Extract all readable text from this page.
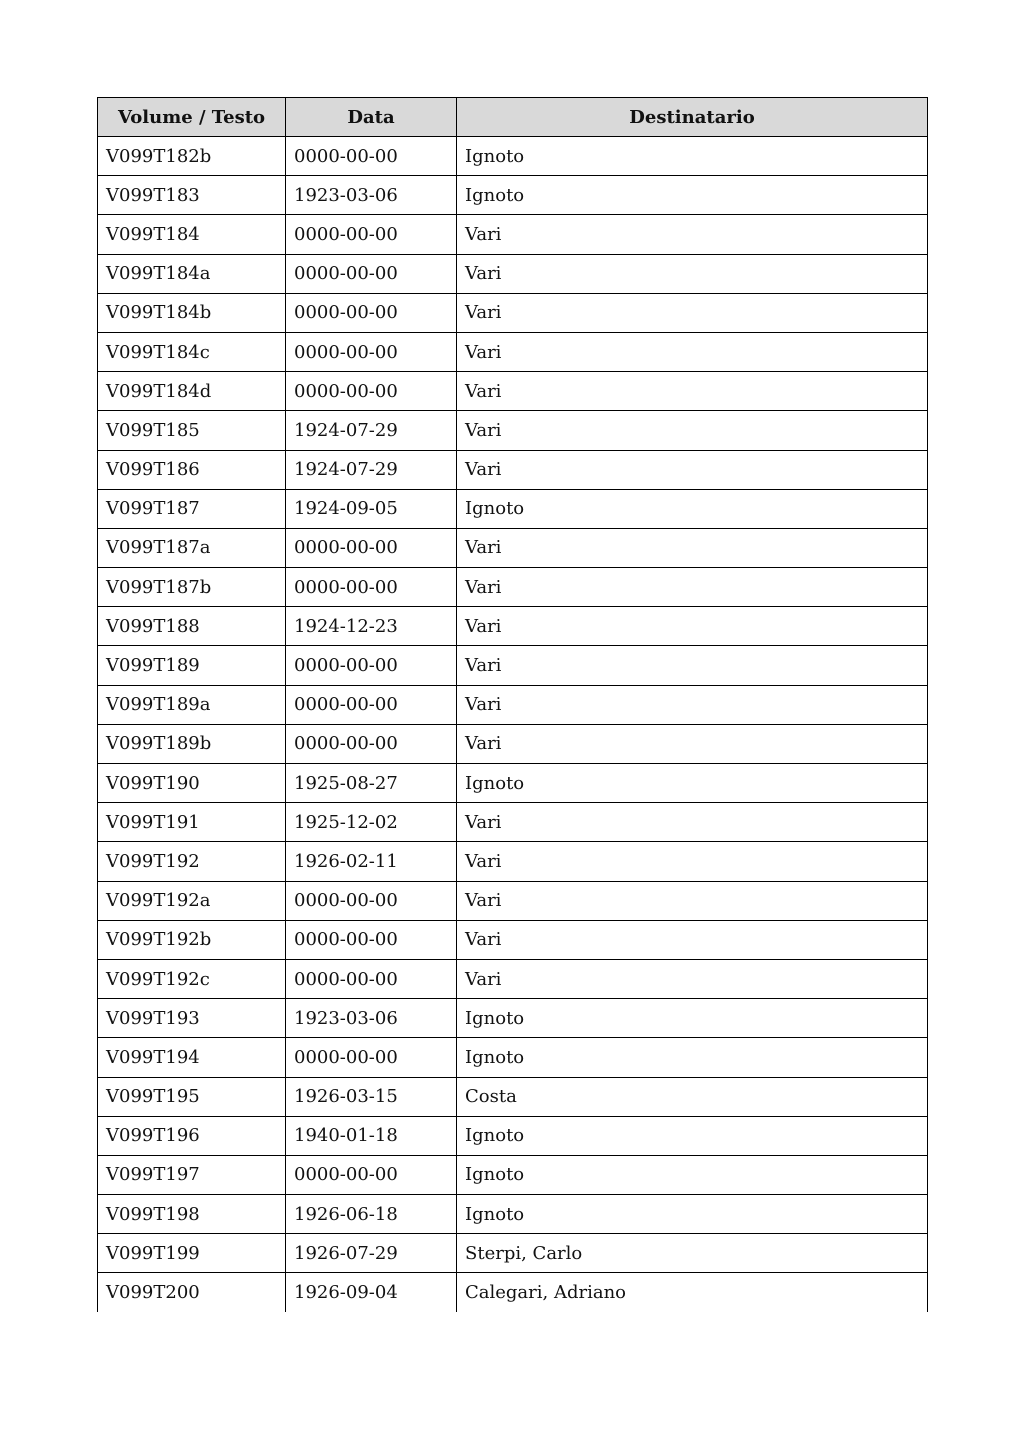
Volume / Testo	Data	Destinatario
V099T182b	0000-00-00	Ignoto
V099T183	1923-03-06	Ignoto
V099T184	0000-00-00	Vari
V099T184a	0000-00-00	Vari
V099T184b	0000-00-00	Vari
V099T184c	0000-00-00	Vari
V099T184d	0000-00-00	Vari
V099T185	1924-07-29	Vari
V099T186	1924-07-29	Vari
V099T187	1924-09-05	Ignoto
V099T187a	0000-00-00	Vari
V099T187b	0000-00-00	Vari
V099T188	1924-12-23	Vari
V099T189	0000-00-00	Vari
V099T189a	0000-00-00	Vari
V099T189b	0000-00-00	Vari
V099T190	1925-08-27	Ignoto
V099T191	1925-12-02	Vari
V099T192	1926-02-11	Vari
V099T192a	0000-00-00	Vari
V099T192b	0000-00-00	Vari
V099T192c	0000-00-00	Vari
V099T193	1923-03-06	Ignoto
V099T194	0000-00-00	Ignoto
V099T195	1926-03-15	Costa
V099T196	1940-01-18	Ignoto
V099T197	0000-00-00	Ignoto
V099T198	1926-06-18	Ignoto
V099T199	1926-07-29	Sterpi, Carlo
V099T200	1926-09-04	Calegari, Adriano
